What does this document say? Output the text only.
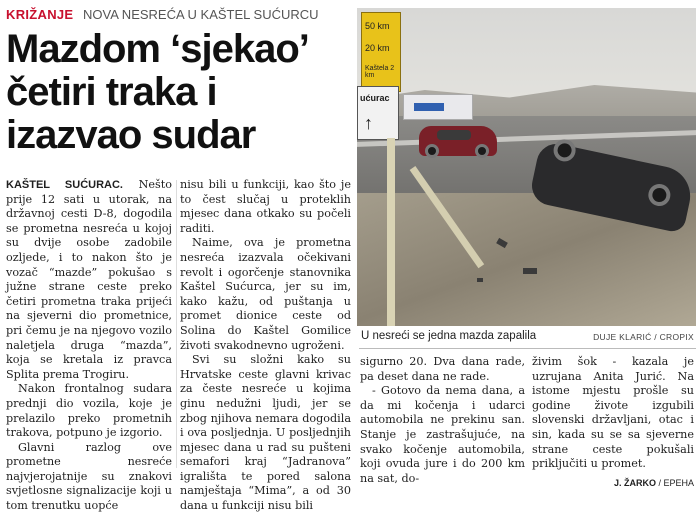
KRIŽANJE NOVA NESREĆA U KAŠTEL SUĆURCU
Mazdom ‘sjekao’ četiri traka i izazvao sudar

KAŠTEL SUĆURAC. Nešto prije 12 sati u utorak, na državnoj cesti D-8, dogodila se prometna nesreća u kojoj su dvije osobe zadobile ozljede, i to nakon što je vozač “mazde” pokušao s južne strane ceste preko četiri prometna traka prijeći na sjeverni dio prometnice, pri čemu je na njegovo vozilo naletjela druga “mazda”, koja se kretala iz pravca Splita prema Trogiru.

Nakon frontalnog sudara prednji dio vozila, koje je prelazilo preko prometnih trakova, potpuno je izgorio.

Glavni razlog ove prometne nesreće najvjerojatnije su znakovi svjetlosne signalizacije koji u tom trenutku uopće

nisu bili u funkciji, kao što je to čest slučaj u proteklih mjesec dana otkako su počeli raditi.

Naime, ova je prometna nesreća izazvala očekivani revolt i ogorčenje stanovnika Kaštel Sućurca, jer su im, kako kažu, od puštanja u promet dionice ceste od Solina do Kaštel Gomilice životi svakodnevno ugroženi.

Svi su složni kako su Hrvatske ceste glavni krivac za česte nesreće u kojima ginu nedužni ljudi, jer se zbog njihova nemara dogodila i ova posljednja. U posljednjih mjesec dana u rad su pušteni semafori kraj “Jadranova” igrališta te pored salona namještaja “Mima”, a od 30 dana u funkciji nisu bili

50 km
20 km
Kaštela 2 km
ućurac
↑
U nesreći se jedna mazda zapalila	DUJE KLARIĆ / CROPIX

sigurno 20. Dva dana rade, pa deset dana ne rade.

- Gotovo da nema dana, a da mi kočenja i udarci automobila ne prekinu san. Stanje je zastrašujuće, na svako kočenje automobila, koji ovuda jure i do 200 km na sat, do-

živim šok - kazala je uzrujana Anita Jurić. Na istome mjestu prošle su godine živote izgubili slovenski državljani, otac i sin, kada su se sa sjeverne strane ceste pokušali priključiti u promet.

J. ŽARKO / EPEHA
